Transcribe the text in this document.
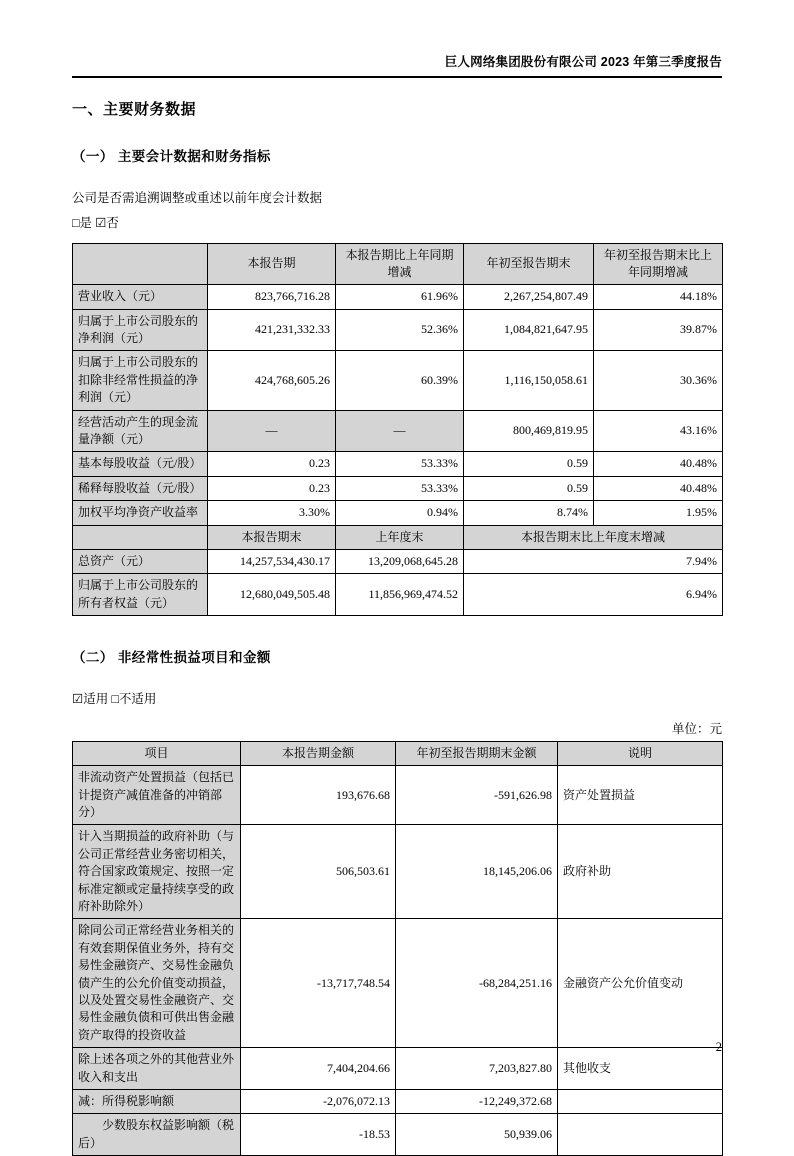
巨人网络集团股份有限公司 2023 年第三季度报告
一、主要财务数据
（一） 主要会计数据和财务指标

公司是否需追溯调整或重述以前年度会计数据

□是 ☑否

	本报告期	本报告期比上年同期增减	年初至报告期末	年初至报告期末比上年同期增减
营业收入（元）	823,766,716.28	61.96%	2,267,254,807.49	44.18%
归属于上市公司股东的净利润（元）	421,231,332.33	52.36%	1,084,821,647.95	39.87%
归属于上市公司股东的扣除非经常性损益的净利润（元）	424,768,605.26	60.39%	1,116,150,058.61	30.36%
经营活动产生的现金流量净额（元）	—	—	800,469,819.95	43.16%
基本每股收益（元/股）	0.23	53.33%	0.59	40.48%
稀释每股收益（元/股）	0.23	53.33%	0.59	40.48%
加权平均净资产收益率	3.30%	0.94%	8.74%	1.95%
	本报告期末	上年度末	本报告期末比上年度末增减	
总资产（元）	14,257,534,430.17	13,209,068,645.28	7.94%	
归属于上市公司股东的所有者权益（元）	12,680,049,505.48	11,856,969,474.52	6.94%	
（二） 非经常性损益项目和金额

☑适用 □不适用

单位：元

项目	本报告期金额	年初至报告期期末金额	说明
非流动资产处置损益（包括已计提资产减值准备的冲销部分）	193,676.68	-591,626.98	资产处置损益
计入当期损益的政府补助（与公司正常经营业务密切相关，符合国家政策规定、按照一定标准定额或定量持续享受的政府补助除外）	506,503.61	18,145,206.06	政府补助
除同公司正常经营业务相关的有效套期保值业务外，持有交易性金融资产、交易性金融负债产生的公允价值变动损益，以及处置交易性金融资产、交易性金融负债和可供出售金融资产取得的投资收益	-13,717,748.54	-68,284,251.16	金融资产公允价值变动
除上述各项之外的其他营业外收入和支出	7,404,204.66	7,203,827.80	其他收支
减：所得税影响额	-2,076,072.13	-12,249,372.68	
　　少数股东权益影响额（税后）	-18.53	50,939.06	
2
